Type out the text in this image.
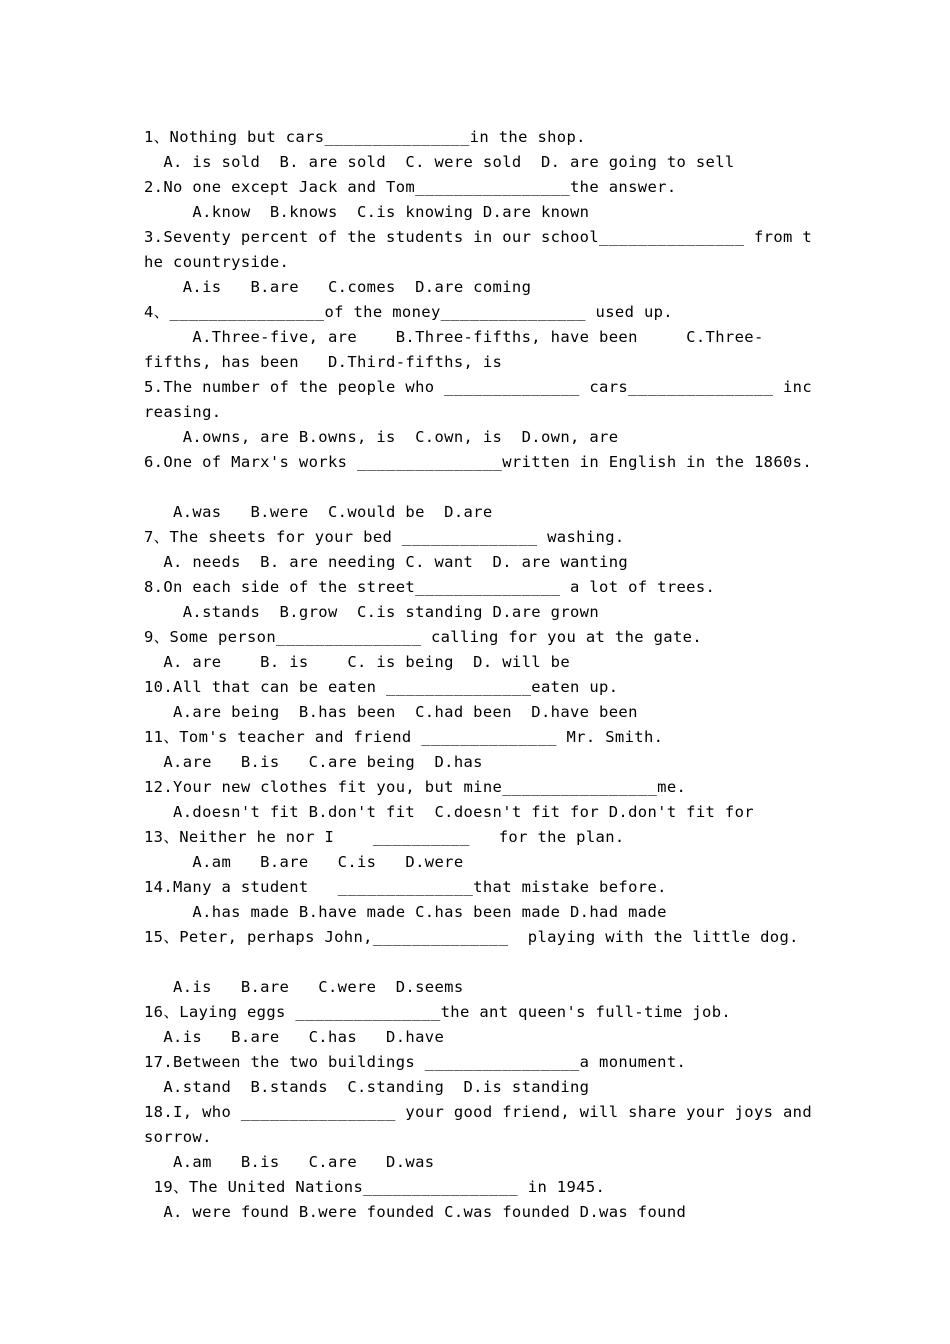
1、Nothing but cars_______________in the shop.
A. is sold  B. are sold  C. were sold  D. are going to sell
2.No one except Jack and Tom________________the answer.
A.know  B.knows  C.is knowing D.are known
3.Seventy percent of the students in our school_______________ from t
he countryside.
A.is   B.are   C.comes  D.are coming
4、________________of the money_______________ used up.
A.Three-five, are    B.Three-fifths, have been     C.Three-
fifths, has been   D.Third-fifths, is
5.The number of the people who ______________ cars_______________ inc
reasing.
A.owns, are B.owns, is  C.own, is  D.own, are
6.One of Marx's works _______________written in English in the 1860s.
A.was   B.were  C.would be  D.are
7、The sheets for your bed ______________ washing.
A. needs  B. are needing C. want  D. are wanting
8.On each side of the street_______________ a lot of trees.
A.stands  B.grow  C.is standing D.are grown
9、Some person_______________ calling for you at the gate.
A. are    B. is    C. is being  D. will be
10.All that can be eaten _______________eaten up.
A.are being  B.has been  C.had been  D.have been
11、Tom's teacher and friend ______________ Mr. Smith.
A.are   B.is   C.are being  D.has
12.Your new clothes fit you, but mine________________me.
A.doesn't fit B.don't fit  C.doesn't fit for D.don't fit for
13、Neither he nor I    __________   for the plan.
A.am   B.are   C.is   D.were
14.Many a student   ______________that mistake before.
A.has made B.have made C.has been made D.had made
15、Peter, perhaps John,______________  playing with the little dog.
A.is   B.are   C.were  D.seems
16、Laying eggs _______________the ant queen's full-time job.
A.is   B.are   C.has   D.have
17.Between the two buildings ________________a monument.
A.stand  B.stands  C.standing  D.is standing
18.I, who ________________ your good friend, will share your joys and
sorrow.
A.am   B.is   C.are   D.was
19、The United Nations________________ in 1945.
A. were found B.were founded C.was founded D.was found
